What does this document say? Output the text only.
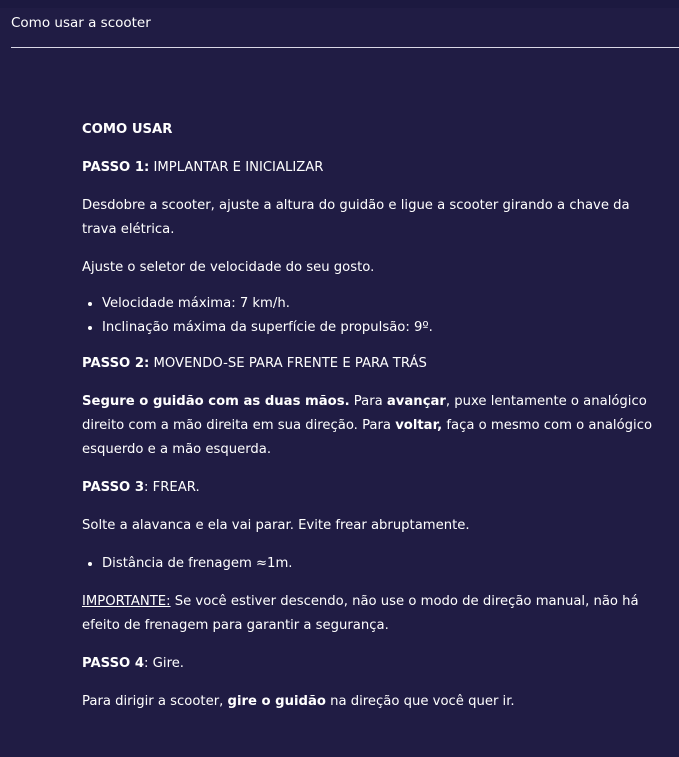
Como usar a scooter

COMO USAR

PASSO 1: IMPLANTAR E INICIALIZAR

Desdobre a scooter, ajuste a altura do guidão e ligue a scooter girando a chave da trava elétrica.

Ajuste o seletor de velocidade do seu gosto.

• Velocidade máxima: 7 km/h.
• Inclinação máxima da superfície de propulsão: 9º.

PASSO 2: MOVENDO-SE PARA FRENTE E PARA TRÁS

Segure o guidão com as duas mãos. Para avançar, puxe lentamente o analógico direito com a mão direita em sua direção. Para voltar, faça o mesmo com o analógico esquerdo e a mão esquerda.

PASSO 3: FREAR.

Solte a alavanca e ela vai parar. Evite frear abruptamente.

• Distância de frenagem ≈1m.

IMPORTANTE: Se você estiver descendo, não use o modo de direção manual, não há efeito de frenagem para garantir a segurança.

PASSO 4: Gire.

Para dirigir a scooter, gire o guidão na direção que você quer ir.
